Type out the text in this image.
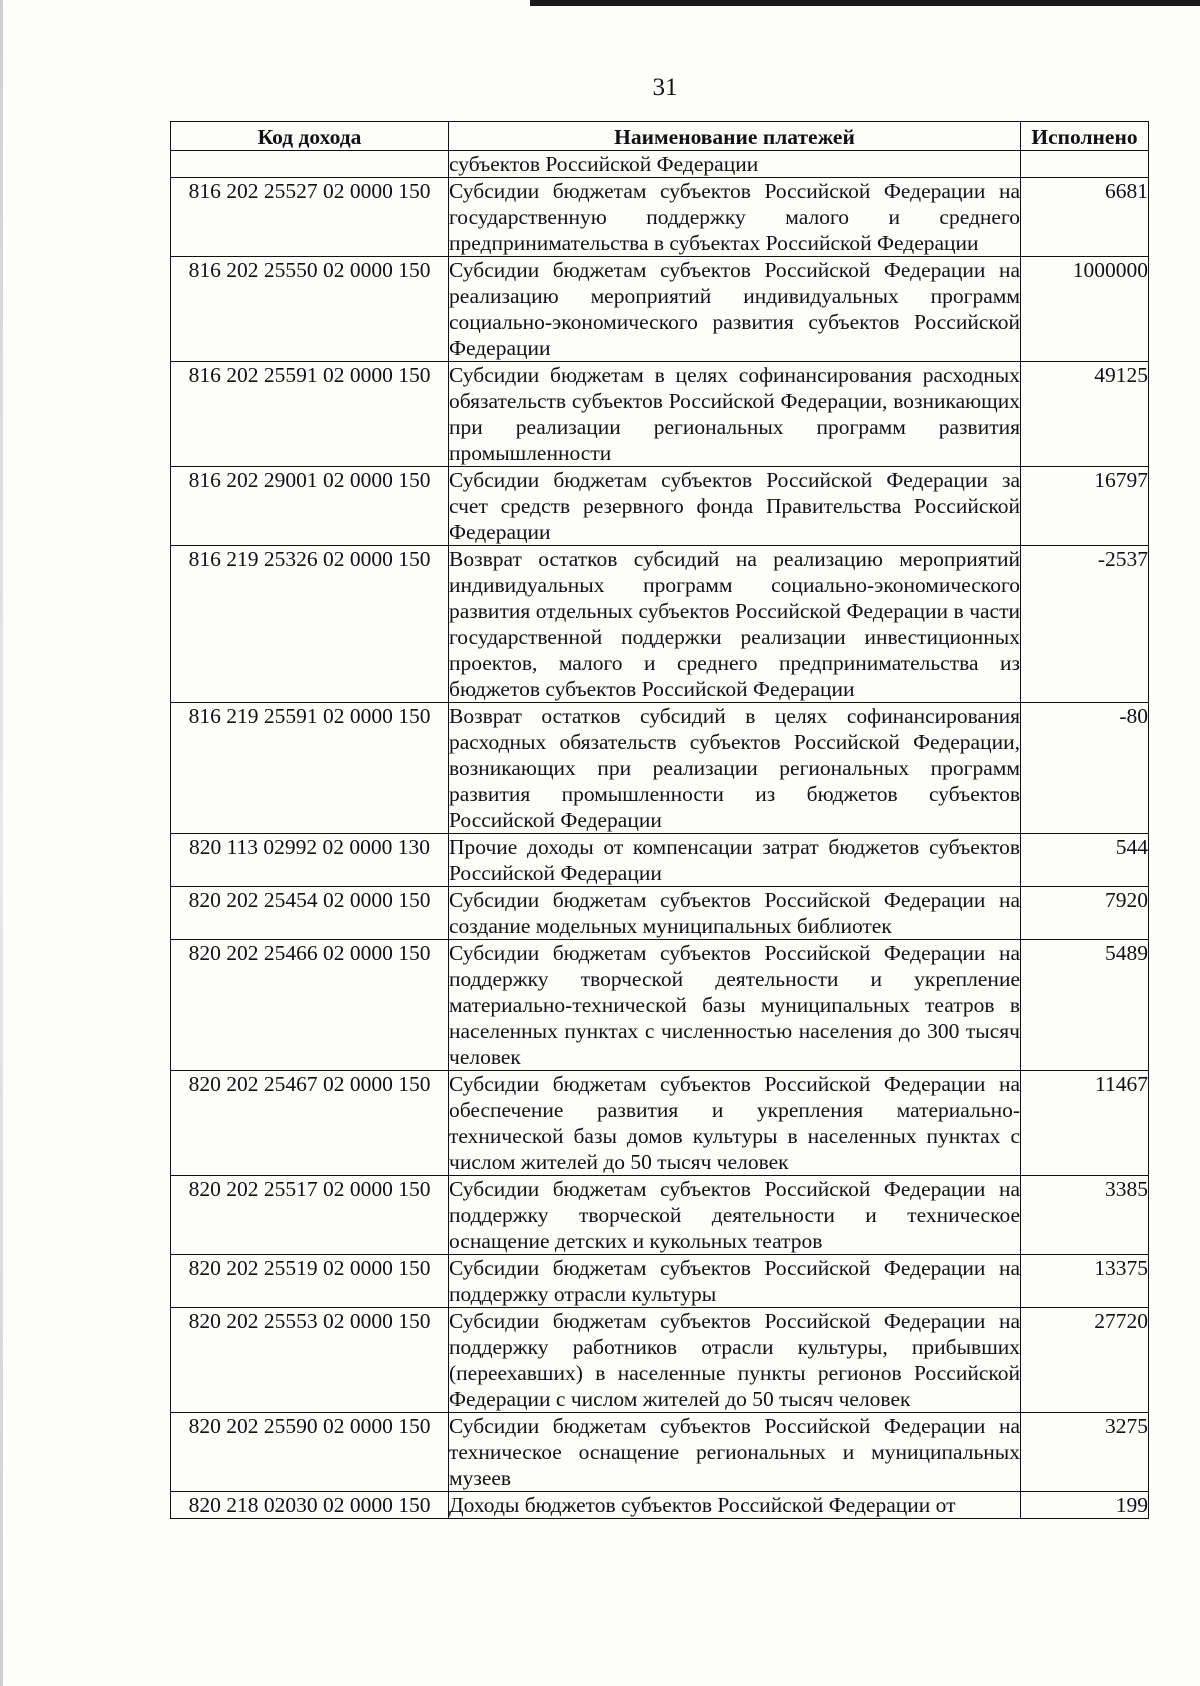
31
Код дохода	Наименование платежей	Исполнено
	субъектов Российской Федерации	
816 202 25527 02 0000 150	Субсидии бюджетам субъектов Российской Федерации на государственную поддержку малого и среднего предпринимательства в субъектах Российской Федерации	6681
816 202 25550 02 0000 150	Субсидии бюджетам субъектов Российской Федерации на реализацию мероприятий индивидуальных программ социально-экономического развития субъектов Российской Федерации	1000000
816 202 25591 02 0000 150	Субсидии бюджетам в целях софинансирования расходных обязательств субъектов Российской Федерации, возникающих при реализации региональных программ развития промышленности	49125
816 202 29001 02 0000 150	Субсидии бюджетам субъектов Российской Федерации за счет средств резервного фонда Правительства Российской Федерации	16797
816 219 25326 02 0000 150	Возврат остатков субсидий на реализацию мероприятий индивидуальных программ социально-экономического развития отдельных субъектов Российской Федерации в части государственной поддержки реализации инвестиционных проектов, малого и среднего предпринимательства из бюджетов субъектов Российской Федерации	-2537
816 219 25591 02 0000 150	Возврат остатков субсидий в целях софинансирования расходных обязательств субъектов Российской Федерации, возникающих при реализации региональных программ развития промышленности из бюджетов субъектов Российской Федерации	-80
820 113 02992 02 0000 130	Прочие доходы от компенсации затрат бюджетов субъектов Российской Федерации	544
820 202 25454 02 0000 150	Субсидии бюджетам субъектов Российской Федерации на создание модельных муниципальных библиотек	7920
820 202 25466 02 0000 150	Субсидии бюджетам субъектов Российской Федерации на поддержку творческой деятельности и укрепление материально-технической базы муниципальных театров в населенных пунктах с численностью населения до 300 тысяч человек	5489
820 202 25467 02 0000 150	Субсидии бюджетам субъектов Российской Федерации на обеспечение развития и укрепления материально-технической базы домов культуры в населенных пунктах с числом жителей до 50 тысяч человек	11467
820 202 25517 02 0000 150	Субсидии бюджетам субъектов Российской Федерации на поддержку творческой деятельности и техническое оснащение детских и кукольных театров	3385
820 202 25519 02 0000 150	Субсидии бюджетам субъектов Российской Федерации на поддержку отрасли культуры	13375
820 202 25553 02 0000 150	Субсидии бюджетам субъектов Российской Федерации на поддержку работников отрасли культуры, прибывших (переехавших) в населенные пункты регионов Российской Федерации с числом жителей до 50 тысяч человек	27720
820 202 25590 02 0000 150	Субсидии бюджетам субъектов Российской Федерации на техническое оснащение региональных и муниципальных музеев	3275
820 218 02030 02 0000 150	Доходы бюджетов субъектов Российской Федерации от	199
